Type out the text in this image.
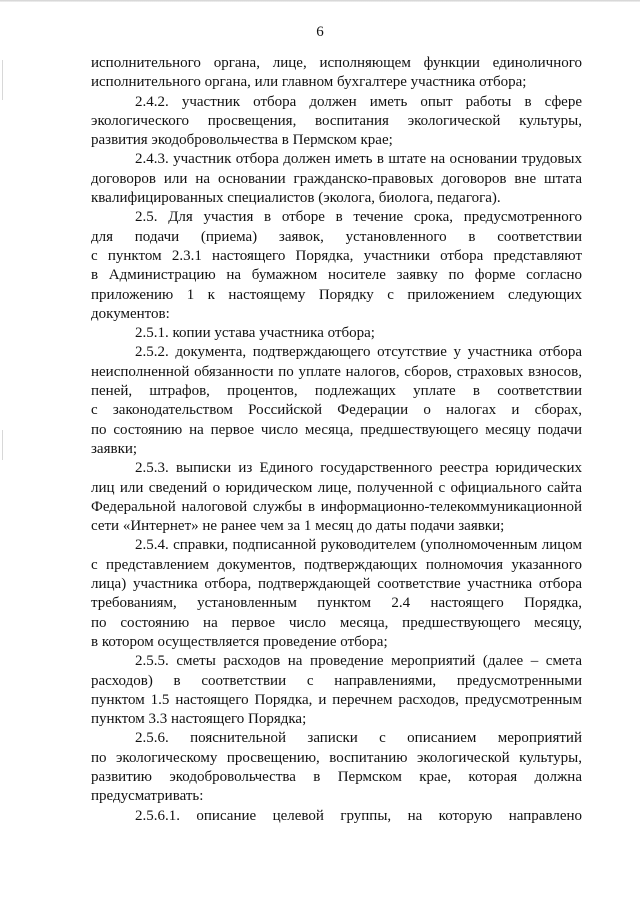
6

исполнительного органа, лице, исполняющем функции единоличного

исполнительного органа, или главном бухгалтере участника отбора;

2.4.2. участник отбора должен иметь опыт работы в сфере

экологического просвещения, воспитания экологической культуры,

развития экодобровольчества в Пермском крае;

2.4.3. участник отбора должен иметь в штате на основании трудовых

договоров или на основании гражданско-правовых договоров вне штата

квалифицированных специалистов (эколога, биолога, педагога).

2.5. Для участия в отборе в течение срока, предусмотренного

для подачи (приема) заявок, установленного в соответствии

с пунктом 2.3.1 настоящего Порядка, участники отбора представляют

в Администрацию на бумажном носителе заявку по форме согласно

приложению 1 к настоящему Порядку с приложением следующих

документов:

2.5.1. копии устава участника отбора;

2.5.2. документа, подтверждающего отсутствие у участника отбора

неисполненной обязанности по уплате налогов, сборов, страховых взносов,

пеней, штрафов, процентов, подлежащих уплате в соответствии

с законодательством Российской Федерации о налогах и сборах,

по состоянию на первое число месяца, предшествующего месяцу подачи

заявки;

2.5.3. выписки из Единого государственного реестра юридических

лиц или сведений о юридическом лице, полученной с официального сайта

Федеральной налоговой службы в информационно-телекоммуникационной

сети «Интернет» не ранее чем за 1 месяц до даты подачи заявки;

2.5.4. справки, подписанной руководителем (уполномоченным лицом

с представлением документов, подтверждающих полномочия указанного

лица) участника отбора, подтверждающей соответствие участника отбора

требованиям, установленным пунктом 2.4 настоящего Порядка,

по состоянию на первое число месяца, предшествующего месяцу,

в котором осуществляется проведение отбора;

2.5.5. сметы расходов на проведение мероприятий (далее – смета

расходов) в соответствии с направлениями, предусмотренными

пунктом 1.5 настоящего Порядка, и перечнем расходов, предусмотренным

пунктом 3.3 настоящего Порядка;

2.5.6. пояснительной записки с описанием мероприятий

по экологическому просвещению, воспитанию экологической культуры,

развитию экодобровольчества в Пермском крае, которая должна

предусматривать:

2.5.6.1. описание целевой группы, на которую направлено
